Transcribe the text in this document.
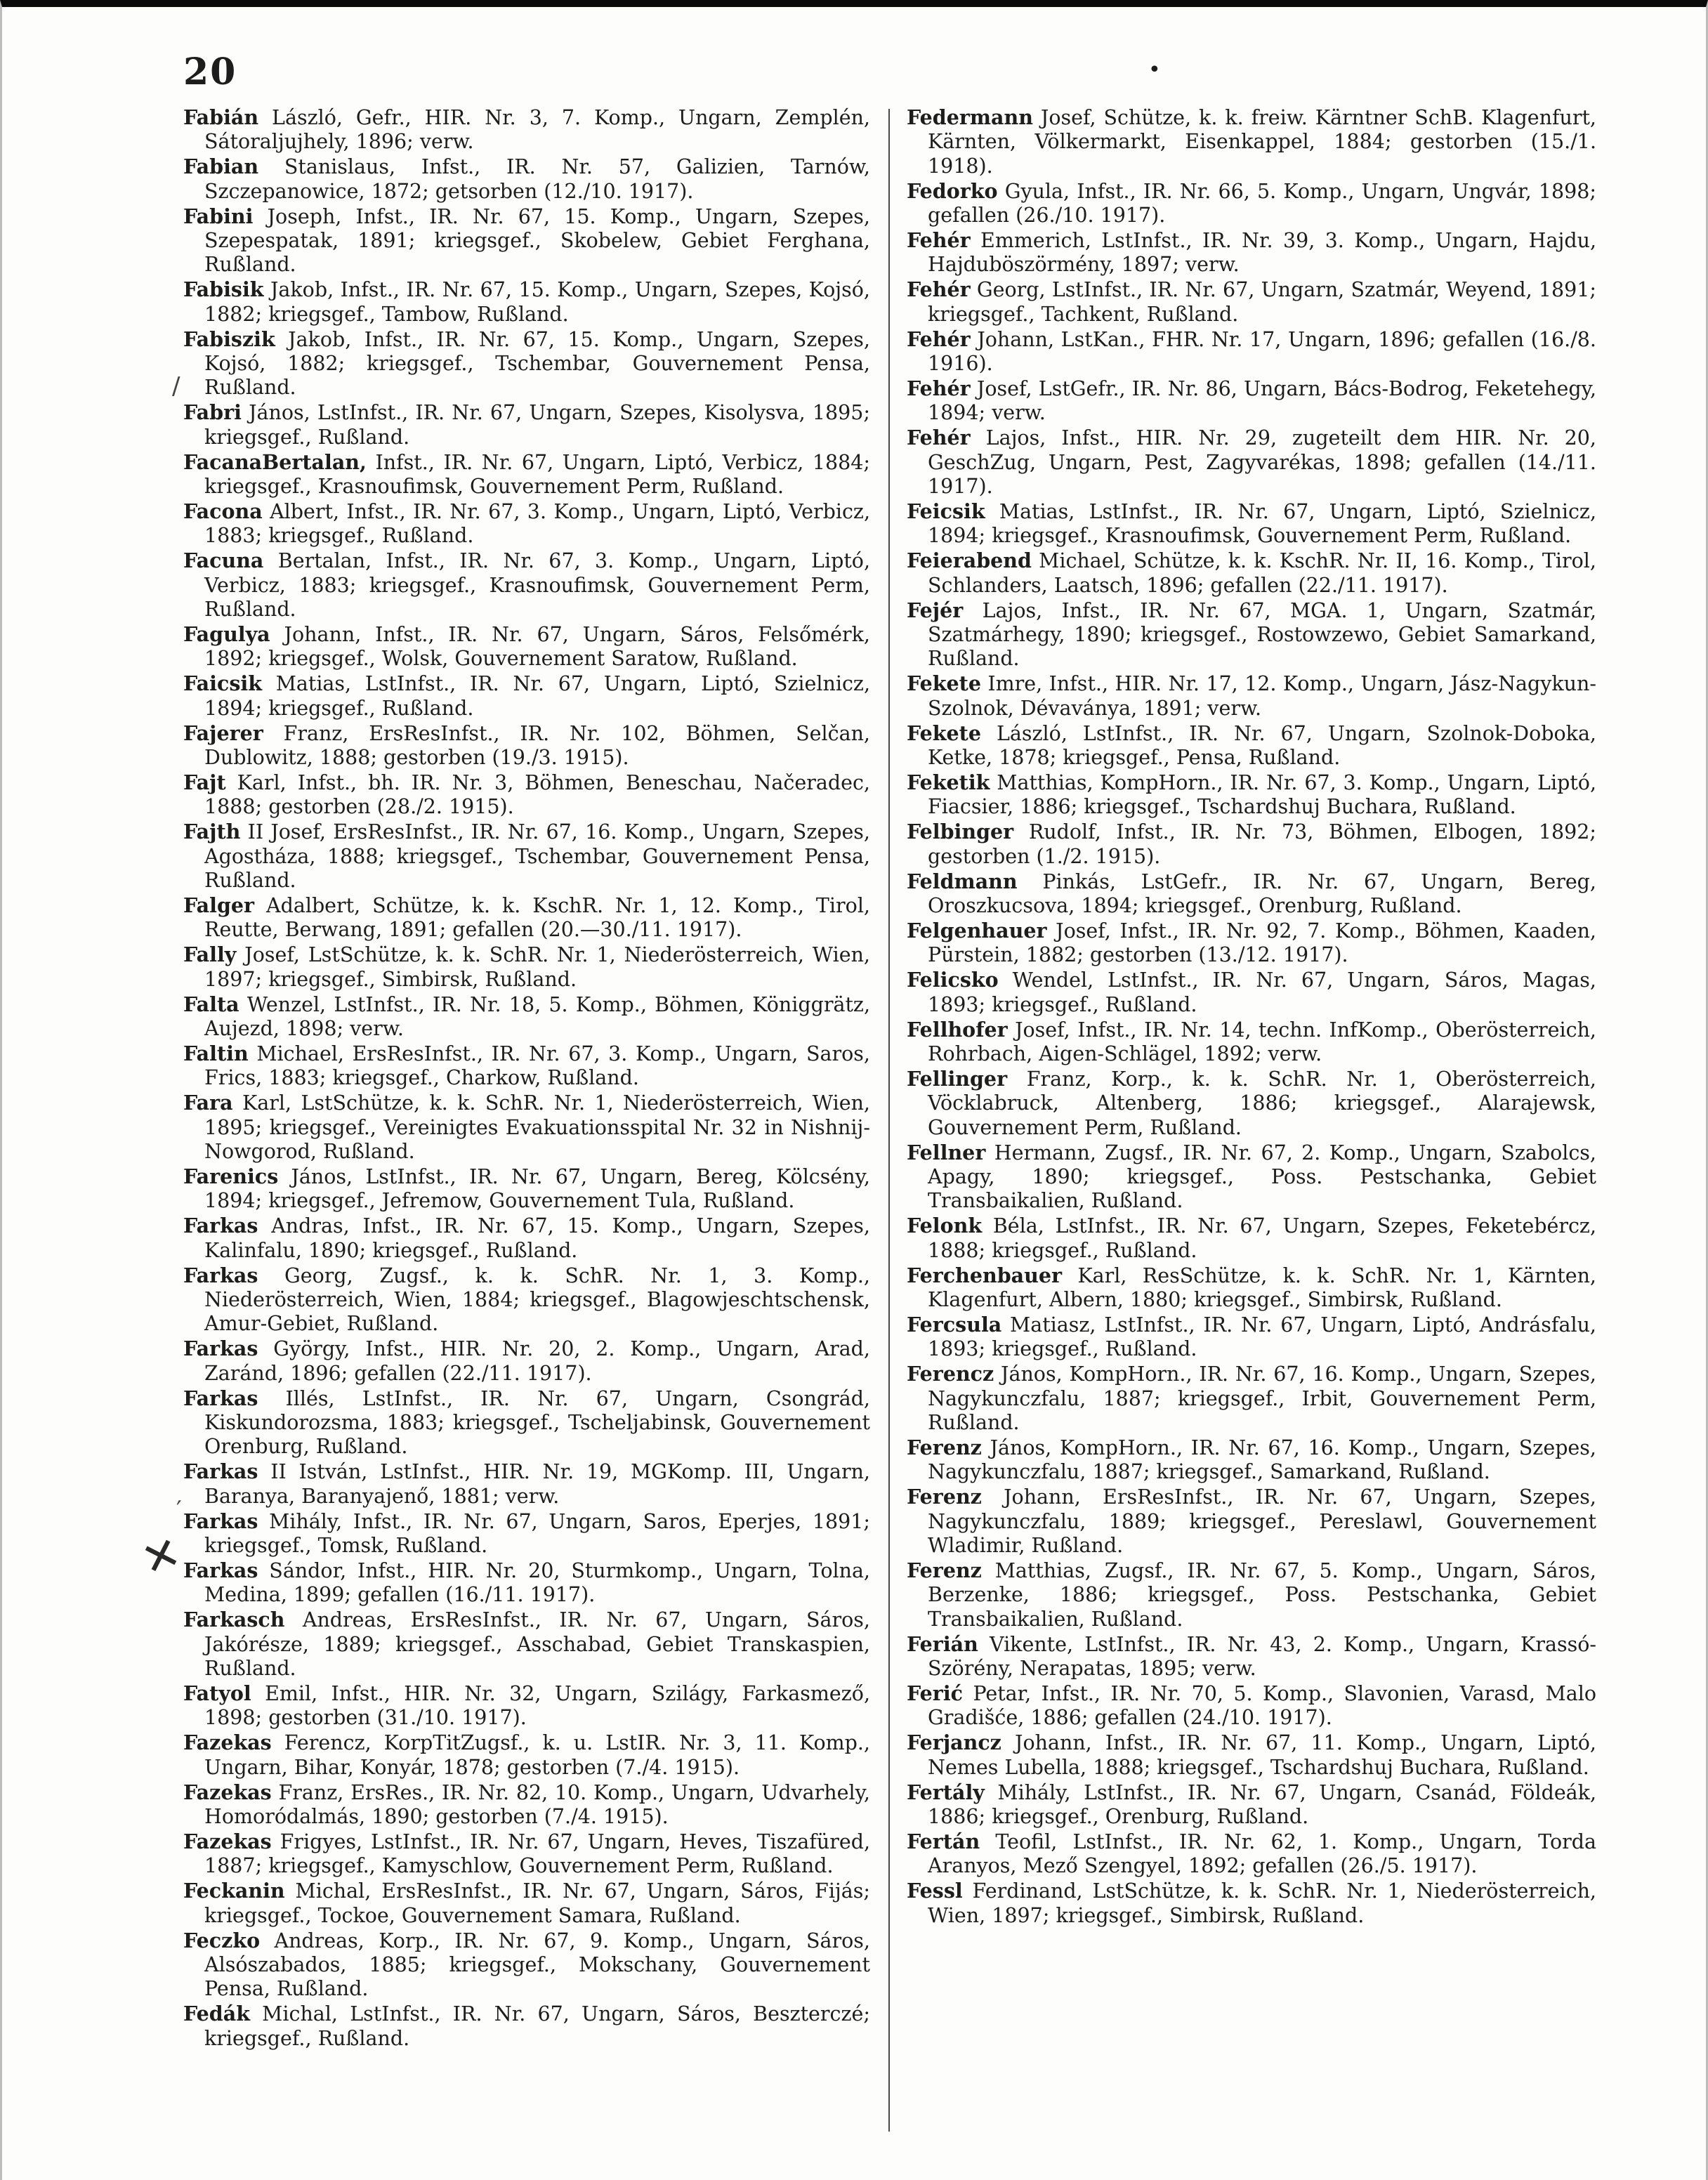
20	•
Fabián László, Gefr., HIR. Nr. 3, 7. Komp., Ungarn, Zemplén, Sátoraljujhely, 1896; verw.
Fabian Stanislaus, Infst., IR. Nr. 57, Galizien, Tarnów, Szczepanowice, 1872; getsorben (12./10. 1917).
Fabini Joseph, Infst., IR. Nr. 67, 15. Komp., Ungarn, Szepes, Szepespatak, 1891; kriegsgef., Skobelew, Gebiet Ferghana, Rußland.
Fabisik Jakob, Infst., IR. Nr. 67, 15. Komp., Ungarn, Szepes, Kojsó, 1882; kriegsgef., Tambow, Rußland.
Fabiszik Jakob, Infst., IR. Nr. 67, 15. Komp., Ungarn, Szepes, Kojsó, 1882; kriegsgef., Tschembar, Gouvernement Pensa, Rußland.
Fabri János, LstInfst., IR. Nr. 67, Ungarn, Szepes, Kisolysva, 1895; kriegsgef., Rußland.
FacanaBertalan, Infst., IR. Nr. 67, Ungarn, Liptó, Verbicz, 1884; kriegsgef., Krasnoufimsk, Gouvernement Perm, Rußland.
Facona Albert, Infst., IR. Nr. 67, 3. Komp., Ungarn, Liptó, Verbicz, 1883; kriegsgef., Rußland.
Facuna Bertalan, Infst., IR. Nr. 67, 3. Komp., Ungarn, Liptó, Verbicz, 1883; kriegsgef., Krasnoufimsk, Gouvernement Perm, Rußland.
Fagulya Johann, Infst., IR. Nr. 67, Ungarn, Sáros, Felsőmérk, 1892; kriegsgef., Wolsk, Gouvernement Saratow, Rußland.
Faicsik Matias, LstInfst., IR. Nr. 67, Ungarn, Liptó, Szielnicz, 1894; kriegsgef., Rußland.
Fajerer Franz, ErsResInfst., IR. Nr. 102, Böhmen, Selčan, Dublowitz, 1888; gestorben (19./3. 1915).
Fajt Karl, Infst., bh. IR. Nr. 3, Böhmen, Beneschau, Načeradec, 1888; gestorben (28./2. 1915).
Fajth II Josef, ErsResInfst., IR. Nr. 67, 16. Komp., Ungarn, Szepes, Agostháza, 1888; kriegsgef., Tschembar, Gouvernement Pensa, Rußland.
Falger Adalbert, Schütze, k. k. KschR. Nr. 1, 12. Komp., Tirol, Reutte, Berwang, 1891; gefallen (20.—30./11. 1917).
Fally Josef, LstSchütze, k. k. SchR. Nr. 1, Niederösterreich, Wien, 1897; kriegsgef., Simbirsk, Rußland.
Falta Wenzel, LstInfst., IR. Nr. 18, 5. Komp., Böhmen, Königgrätz, Aujezd, 1898; verw.
Faltin Michael, ErsResInfst., IR. Nr. 67, 3. Komp., Ungarn, Saros, Frics, 1883; kriegsgef., Charkow, Rußland.
Fara Karl, LstSchütze, k. k. SchR. Nr. 1, Niederösterreich, Wien, 1895; kriegsgef., Vereinigtes Evakuationsspital Nr. 32 in Nishnij-Nowgorod, Rußland.
Farenics János, LstInfst., IR. Nr. 67, Ungarn, Bereg, Kölcsény, 1894; kriegsgef., Jefremow, Gouvernement Tula, Rußland.
Farkas Andras, Infst., IR. Nr. 67, 15. Komp., Ungarn, Szepes, Kalinfalu, 1890; kriegsgef., Rußland.
Farkas Georg, Zugsf., k. k. SchR. Nr. 1, 3. Komp., Niederösterreich, Wien, 1884; kriegsgef., Blagowjeschtschensk, Amur-Gebiet, Rußland.
Farkas György, Infst., HIR. Nr. 20, 2. Komp., Ungarn, Arad, Zaránd, 1896; gefallen (22./11. 1917).
Farkas Illés, LstInfst., IR. Nr. 67, Ungarn, Csongrád, Kiskundorozsma, 1883; kriegsgef., Tscheljabinsk, Gouvernement Orenburg, Rußland.
Farkas II István, LstInfst., HIR. Nr. 19, MGKomp. III, Ungarn, Baranya, Baranyajenő, 1881; verw.
Farkas Mihály, Infst., IR. Nr. 67, Ungarn, Saros, Eperjes, 1891; kriegsgef., Tomsk, Rußland.
Farkas Sándor, Infst., HIR. Nr. 20, Sturmkomp., Ungarn, Tolna, Medina, 1899; gefallen (16./11. 1917).
Farkasch Andreas, ErsResInfst., IR. Nr. 67, Ungarn, Sáros, Jakórésze, 1889; kriegsgef., Asschabad, Gebiet Transkaspien, Rußland.
Fatyol Emil, Infst., HIR. Nr. 32, Ungarn, Szilágy, Farkasmező, 1898; gestorben (31./10. 1917).
Fazekas Ferencz, KorpTitZugsf., k. u. LstIR. Nr. 3, 11. Komp., Ungarn, Bihar, Konyár, 1878; gestorben (7./4. 1915).
Fazekas Franz, ErsRes., IR. Nr. 82, 10. Komp., Ungarn, Udvarhely, Homoródalmás, 1890; gestorben (7./4. 1915).
Fazekas Frigyes, LstInfst., IR. Nr. 67, Ungarn, Heves, Tiszafüred, 1887; kriegsgef., Kamyschlow, Gouvernement Perm, Rußland.
Feckanin Michal, ErsResInfst., IR. Nr. 67, Ungarn, Sáros, Fijás; kriegsgef., Tockoe, Gouvernement Samara, Rußland.
Feczko Andreas, Korp., IR. Nr. 67, 9. Komp., Ungarn, Sáros, Alsószabados, 1885; kriegsgef., Mokschany, Gouvernement Pensa, Rußland.
Fedák Michal, LstInfst., IR. Nr. 67, Ungarn, Sáros, Beszterczé; kriegsgef., Rußland.
Federmann Josef, Schütze, k. k. freiw. Kärntner SchB. Klagenfurt, Kärnten, Völkermarkt, Eisenkappel, 1884; gestorben (15./1. 1918).
Fedorko Gyula, Infst., IR. Nr. 66, 5. Komp., Ungarn, Ungvár, 1898; gefallen (26./10. 1917).
Fehér Emmerich, LstInfst., IR. Nr. 39, 3. Komp., Ungarn, Hajdu, Hajduböszörmény, 1897; verw.
Fehér Georg, LstInfst., IR. Nr. 67, Ungarn, Szatmár, Weyend, 1891; kriegsgef., Tachkent, Rußland.
Fehér Johann, LstKan., FHR. Nr. 17, Ungarn, 1896; gefallen (16./8. 1916).
Fehér Josef, LstGefr., IR. Nr. 86, Ungarn, Bács-Bodrog, Feketehegy, 1894; verw.
Fehér Lajos, Infst., HIR. Nr. 29, zugeteilt dem HIR. Nr. 20, GeschZug, Ungarn, Pest, Zagyvarékas, 1898; gefallen (14./11. 1917).
Feicsik Matias, LstInfst., IR. Nr. 67, Ungarn, Liptó, Szielnicz, 1894; kriegsgef., Krasnoufimsk, Gouvernement Perm, Rußland.
Feierabend Michael, Schütze, k. k. KschR. Nr. II, 16. Komp., Tirol, Schlanders, Laatsch, 1896; gefallen (22./11. 1917).
Fejér Lajos, Infst., IR. Nr. 67, MGA. 1, Ungarn, Szatmár, Szatmárhegy, 1890; kriegsgef., Rostowzewo, Gebiet Samarkand, Rußland.
Fekete Imre, Infst., HIR. Nr. 17, 12. Komp., Ungarn, Jász-Nagykun-Szolnok, Dévaványa, 1891; verw.
Fekete László, LstInfst., IR. Nr. 67, Ungarn, Szolnok-Doboka, Ketke, 1878; kriegsgef., Pensa, Rußland.
Feketik Matthias, KompHorn., IR. Nr. 67, 3. Komp., Ungarn, Liptó, Fiacsier, 1886; kriegsgef., Tschardshuj Buchara, Rußland.
Felbinger Rudolf, Infst., IR. Nr. 73, Böhmen, Elbogen, 1892; gestorben (1./2. 1915).
Feldmann Pinkás, LstGefr., IR. Nr. 67, Ungarn, Bereg, Oroszkucsova, 1894; kriegsgef., Orenburg, Rußland.
Felgenhauer Josef, Infst., IR. Nr. 92, 7. Komp., Böhmen, Kaaden, Pürstein, 1882; gestorben (13./12. 1917).
Felicsko Wendel, LstInfst., IR. Nr. 67, Ungarn, Sáros, Magas, 1893; kriegsgef., Rußland.
Fellhofer Josef, Infst., IR. Nr. 14, techn. InfKomp., Oberösterreich, Rohrbach, Aigen-Schlägel, 1892; verw.
Fellinger Franz, Korp., k. k. SchR. Nr. 1, Oberösterreich, Vöcklabruck, Altenberg, 1886; kriegsgef., Alarajewsk, Gouvernement Perm, Rußland.
Fellner Hermann, Zugsf., IR. Nr. 67, 2. Komp., Ungarn, Szabolcs, Apagy, 1890; kriegsgef., Poss. Pestschanka, Gebiet Transbaikalien, Rußland.
Felonk Béla, LstInfst., IR. Nr. 67, Ungarn, Szepes, Feketebércz, 1888; kriegsgef., Rußland.
Ferchenbauer Karl, ResSchütze, k. k. SchR. Nr. 1, Kärnten, Klagenfurt, Albern, 1880; kriegsgef., Simbirsk, Rußland.
Fercsula Matiasz, LstInfst., IR. Nr. 67, Ungarn, Liptó, Andrásfalu, 1893; kriegsgef., Rußland.
Ferencz János, KompHorn., IR. Nr. 67, 16. Komp., Ungarn, Szepes, Nagykunczfalu, 1887; kriegsgef., Irbit, Gouvernement Perm, Rußland.
Ferenz János, KompHorn., IR. Nr. 67, 16. Komp., Ungarn, Szepes, Nagykunczfalu, 1887; kriegsgef., Samarkand, Rußland.
Ferenz Johann, ErsResInfst., IR. Nr. 67, Ungarn, Szepes, Nagykunczfalu, 1889; kriegsgef., Pereslawl, Gouvernement Wladimir, Rußland.
Ferenz Matthias, Zugsf., IR. Nr. 67, 5. Komp., Ungarn, Sáros, Berzenke, 1886; kriegsgef., Poss. Pestschanka, Gebiet Transbaikalien, Rußland.
Ferián Vikente, LstInfst., IR. Nr. 43, 2. Komp., Ungarn, Krassó-Szörény, Nerapatas, 1895; verw.
Ferić Petar, Infst., IR. Nr. 70, 5. Komp., Slavonien, Varasd, Malo Gradišće, 1886; gefallen (24./10. 1917).
Ferjancz Johann, Infst., IR. Nr. 67, 11. Komp., Ungarn, Liptó, Nemes Lubella, 1888; kriegsgef., Tschardshuj Buchara, Rußland.
Fertály Mihály, LstInfst., IR. Nr. 67, Ungarn, Csanád, Földeák, 1886; kriegsgef., Orenburg, Rußland.
Fertán Teofil, LstInfst., IR. Nr. 62, 1. Komp., Ungarn, Torda Aranyos, Mező Szengyel, 1892; gefallen (26./5. 1917).
Fessl Ferdinand, LstSchütze, k. k. SchR. Nr. 1, Niederösterreich, Wien, 1897; kriegsgef., Simbirsk, Rußland.
✕
/
′
